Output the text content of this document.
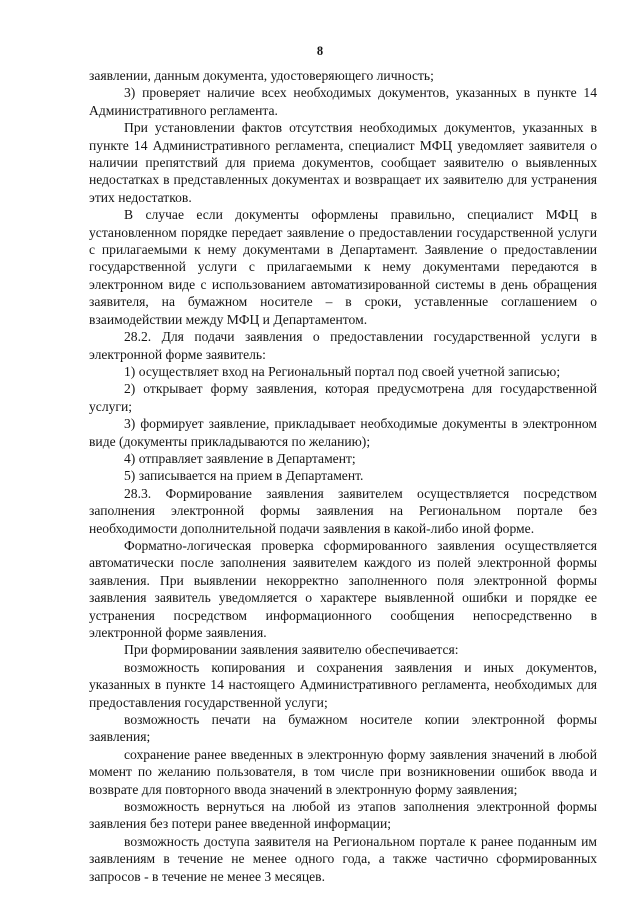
8

заявлении, данным документа, удостоверяющего личность;

3) проверяет наличие всех необходимых документов, указанных в пункте 14 Административного регламента.

При установлении фактов отсутствия необходимых документов, указанных в пункте 14 Административного регламента, специалист МФЦ уведомляет заявителя о наличии препятствий для приема документов, сообщает заявителю о выявленных недостатках в представленных документах и возвращает их заявителю для устранения этих недостатков.

В случае если документы оформлены правильно, специалист МФЦ в установленном порядке передает заявление о предоставлении государственной услуги с прилагаемыми к нему документами в Департамент. Заявление о предоставлении государственной услуги с прилагаемыми к нему документами передаются в электронном виде с использованием автоматизированной системы в день обращения заявителя, на бумажном носителе – в сроки, уставленные соглашением о взаимодействии между МФЦ и Департаментом.

28.2. Для подачи заявления о предоставлении государственной услуги в электронной форме заявитель:

1) осуществляет вход на Региональный портал под своей учетной записью;

2) открывает форму заявления, которая предусмотрена для государственной услуги;

3) формирует заявление, прикладывает необходимые документы в электронном виде (документы прикладываются по желанию);

4) отправляет заявление в Департамент;

5) записывается на прием в Департамент.

28.3. Формирование заявления заявителем осуществляется посредством заполнения электронной формы заявления на Региональном портале без необходимости дополнительной подачи заявления в какой-либо иной форме.

Форматно-логическая проверка сформированного заявления осуществляется автоматически после заполнения заявителем каждого из полей электронной формы заявления. При выявлении некорректно заполненного поля электронной формы заявления заявитель уведомляется о характере выявленной ошибки и порядке ее устранения посредством информационного сообщения непосредственно в электронной форме заявления.

При формировании заявления заявителю обеспечивается:

возможность копирования и сохранения заявления и иных документов, указанных в пункте 14 настоящего Административного регламента, необходимых для предоставления государственной услуги;

возможность печати на бумажном носителе копии электронной формы заявления;

сохранение ранее введенных в электронную форму заявления значений в любой момент по желанию пользователя, в том числе при возникновении ошибок ввода и возврате для повторного ввода значений в электронную форму заявления;

возможность вернуться на любой из этапов заполнения электронной формы заявления без потери ранее введенной информации;

возможность доступа заявителя на Региональном портале к ранее поданным им заявлениям в течение не менее одного года, а также частично сформированных запросов - в течение не менее 3 месяцев.
